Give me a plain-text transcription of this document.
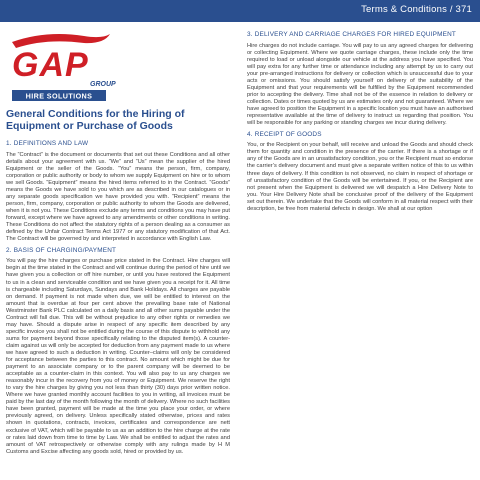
Terms & Conditions / 371
GAP
GROUP
HIRE SOLUTIONS
General Conditions for the Hiring of Equipment or Purchase of Goods
1. DEFINITIONS AND LAW

The “Contract” is the document or documents that set out these Conditions and all other details about your agreement with us. “We” and “Us” mean the supplier of the hired Equipment or the seller of the Goods. “You” means the person, firm, company, corporation or public authority or body to whom we supply Equipment on hire or to whom we sell Goods. “Equipment” means the hired items referred to in the Contract. “Goods” means the Goods we have sold to you which are as described in our catalogues or in any separate goods specification we have provided you with. “Recipient” means the person, firm, company, corporation or public authority to whom the Goods are delivered, when it is not you. These Conditions exclude any terms and conditions you may have put forward, except where we have agreed to any amendments or other conditions in writing. These Conditions do not affect the statutory rights of a person dealing as a consumer as defined by the Unfair Contract Terms Act 1977 or any statutory modification of that Act. The Contract will be governed by and interpreted in accordance with English Law.

2. BASIS OF CHARGING/PAYMENT

You will pay the hire charges or purchase price stated in the Contract. Hire charges will begin at the time stated in the Contract and will continue during the period of hire until we have given you a collection or off hire number, or until you have restored the Equipment to us in a clean and serviceable condition and we have given you a receipt for it. All time is chargeable including Saturdays, Sundays and Bank Holidays. All charges are payable on demand. If payment is not made when due, we will be entitled to interest on the amount that is overdue at four per cent above the prevailing base rate of National Westminster Bank PLC calculated on a daily basis and all other sums payable under the Contract will fall due. This will be without prejudice to any other rights or remedies we may have. Should a dispute arise in respect of any specific item described by any specific invoice you shall not be entitled during the course of this dispute to withhold any sums for payment beyond those specifically relating to the disputed item(s). A counter-claim against us will only be accepted for deduction from any payment made to us where we have agreed to such a deduction in writing. Counter–claims will only be considered for acceptance between the parties to this contract. No amount which might be due for payment to an associate company or to the parent company will be deemed to be acceptable as a counter-claim in this context. You will also pay to us any charges we reasonably incur in the recovery from you of money or Equipment. We reserve the right to vary the hire charges by giving you not less than thirty (30) days prior written notice. Where we have granted monthly account facilities to you in writing, all invoices must be paid by the last day of the month following the month of delivery. Where no such facilities have been granted, payment will be made at the time you place your order, or where previously agreed, on delivery. Unless specifically stated otherwise, prices and rates shown in quotations, contracts, invoices, certificates and correspondence are nett exclusive of VAT, which will be payable to us as an addition to the hire charge at the rate or rates laid down from time to time by Law. We shall be entitled to adjust the rates and amount of VAT retrospectively or otherwise comply with any rulings made by H M Customs and Excise affecting any goods sold, hired or provided by us.

3. DELIVERY AND CARRIAGE CHARGES FOR HIRED EQUIPMENT

Hire charges do not include carriage. You will pay to us any agreed charges for delivering or collecting Equipment. Where we quote carriage charges, these include only the time required to load or unload alongside our vehicle at the address you have specified. You will pay extra for any further time or attendance including any attempt by us to carry out your pre-arranged instructions for delivery or collection which is unsuccessful due to your acts or omissions. You should satisfy yourself on delivery of the suitability of the Equipment and that your requirements will be fulfilled by the Equipment recommended prior to accepting the delivery. Time shall not be of the essence in relation to delivery or collection. Dates or times quoted by us are estimates only and not guaranteed. Where we have agreed to position the Equipment in a specific location you must have an authorised representative available at the time of delivery to instruct us regarding that position. You will be responsible for any parking or standing charges we incur during delivery.

4. RECEIPT OF GOODS

You, or the Recipient on your behalf, will receive and unload the Goods and should check them for quantity and condition in the presence of the carrier. If there is a shortage or if any of the Goods are in an unsatisfactory condition, you or the Recipient must so endorse the carrier’s delivery document and must give a separate written notice of this to us within three days of delivery. If this condition is not observed, no claim in respect of shortage or of unsatisfactory condition of the Goods will be entertained. If you, or the Recipient are not present when the Equipment is delivered we will despatch a Hire Delivery Note to you. Your Hire Delivery Note shall be conclusive proof of the delivery of the Equipment set out therein. We undertake that the Goods will conform in all material respect with their description, be free from material defects in design. We shall at our option
